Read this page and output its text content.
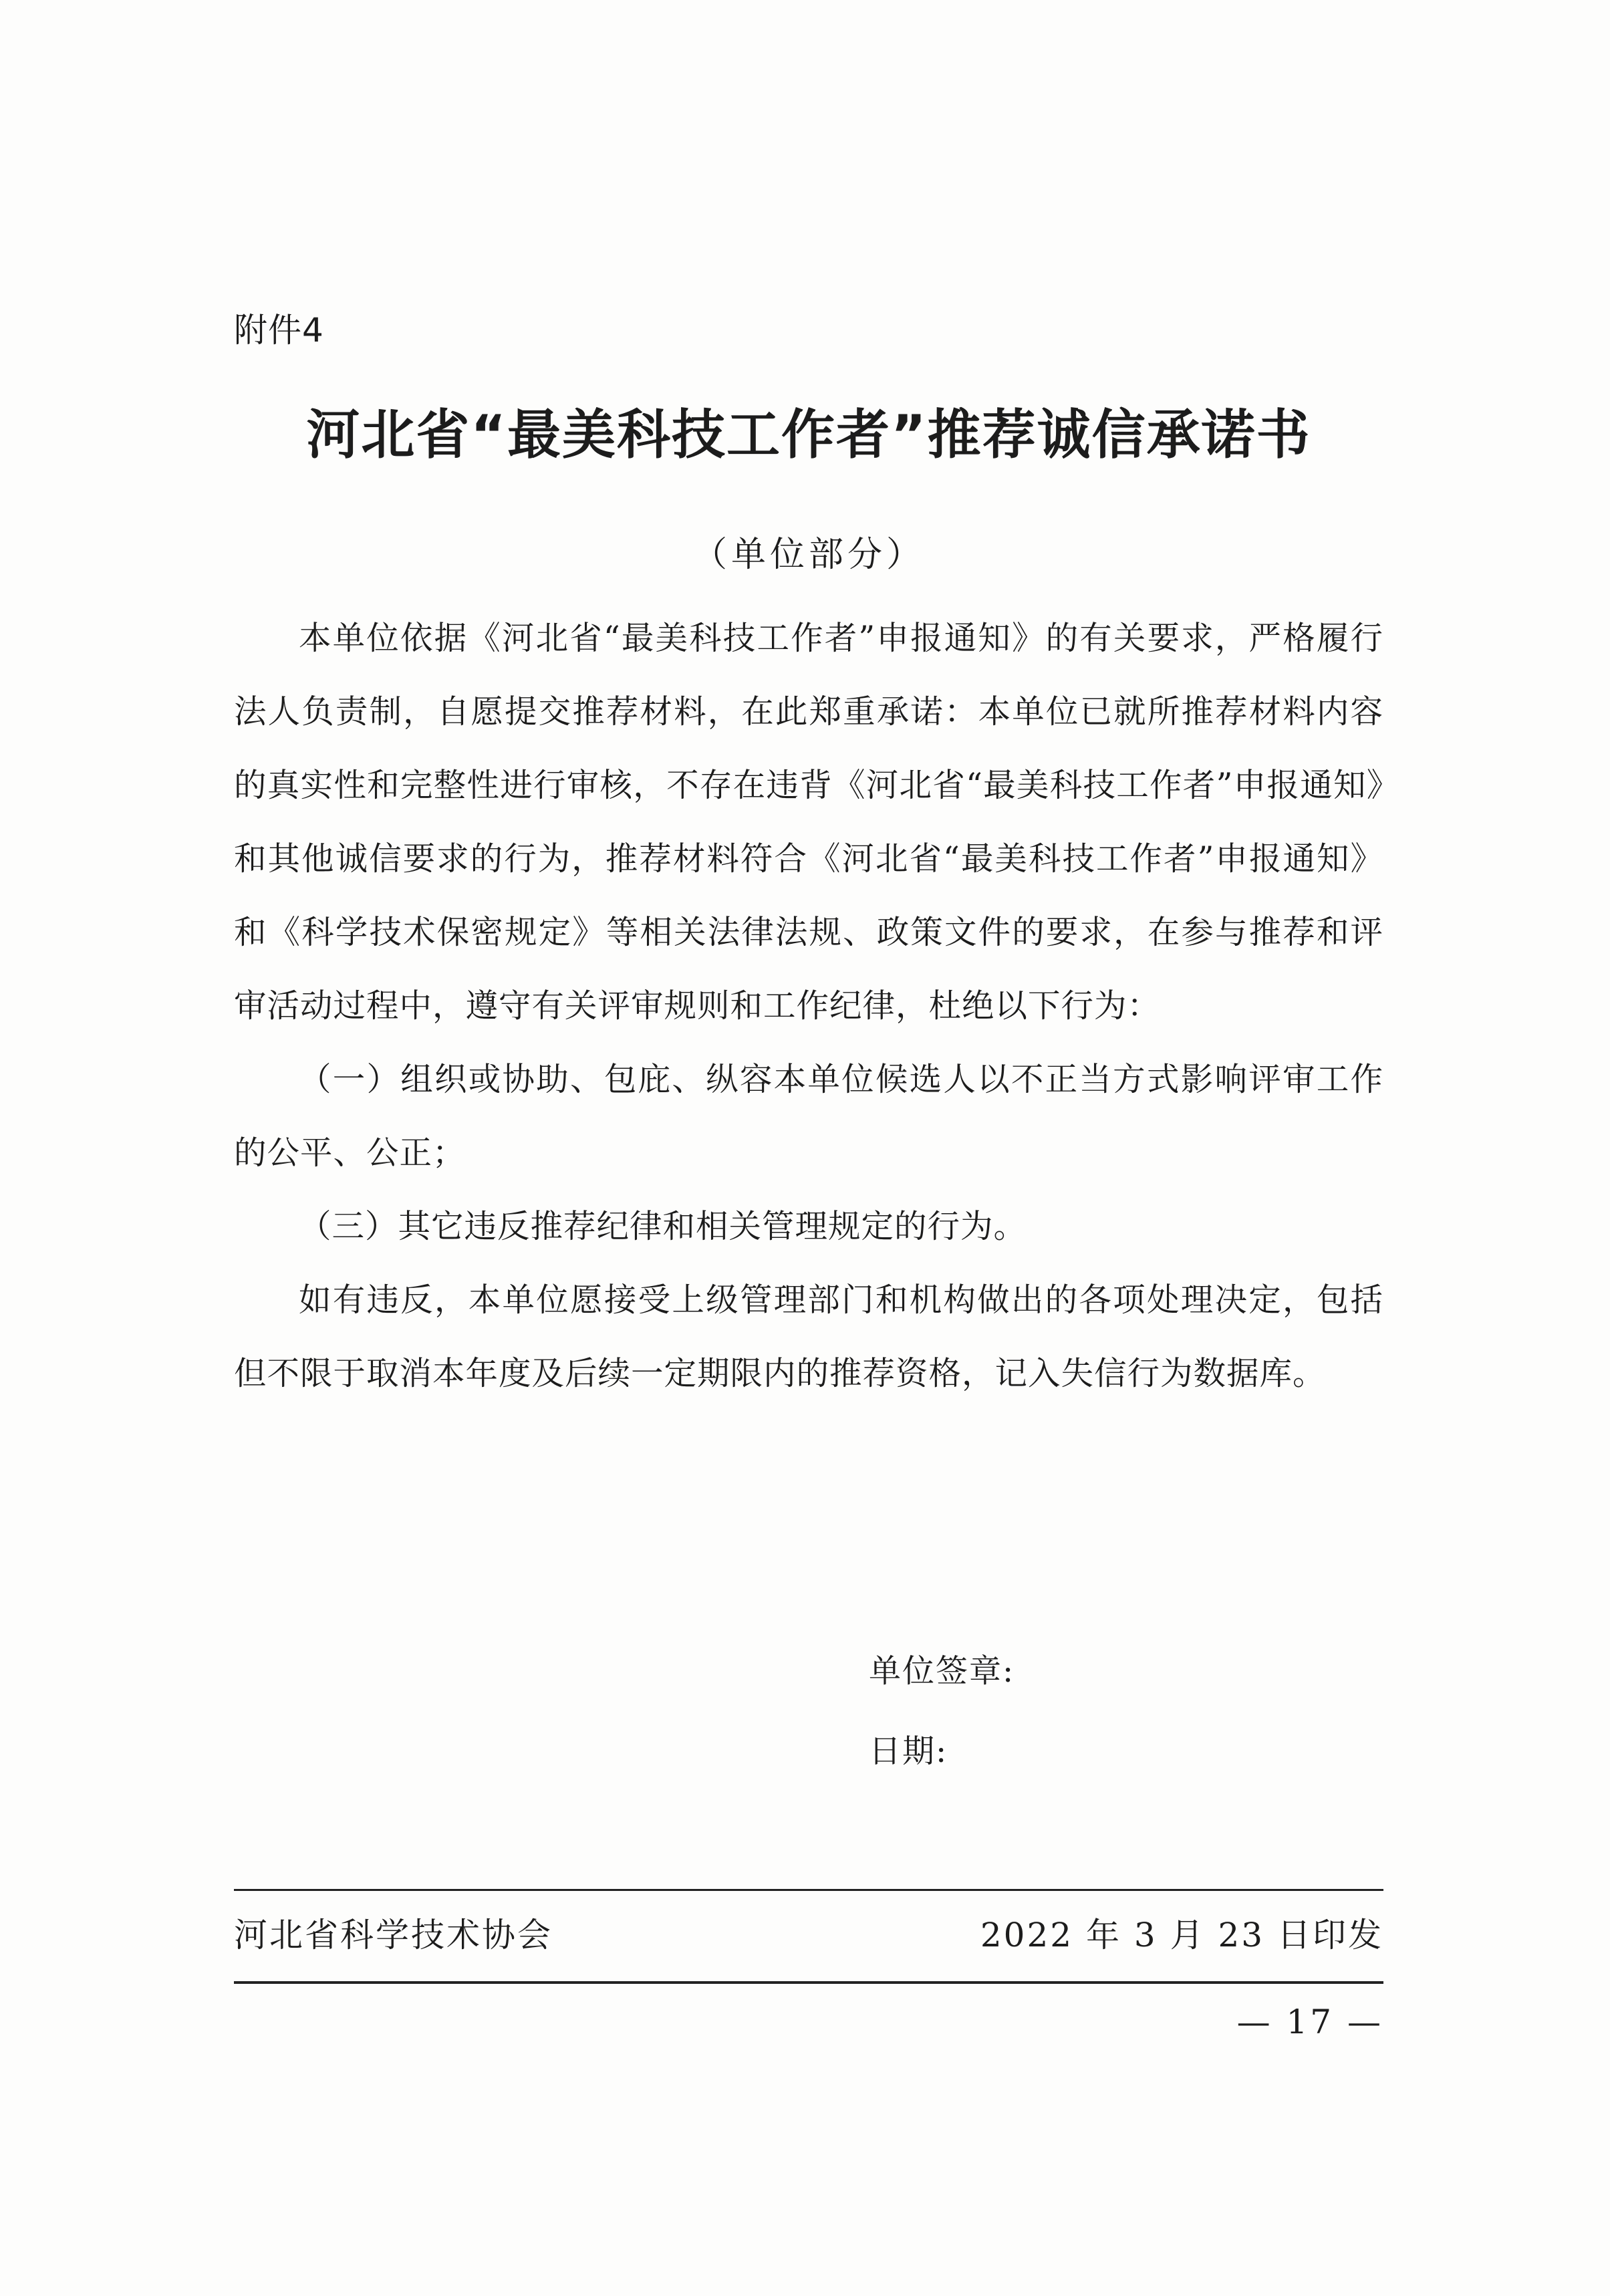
附件4
河北省“最美科技工作者”推荐诚信承诺书
（单位部分）

本单位依据《河北省“最美科技工作者”申报通知》的有关要求，严格履行法人负责制，自愿提交推荐材料，在此郑重承诺：本单位已就所推荐材料内容的真实性和完整性进行审核，不存在违背《河北省“最美科技工作者”申报通知》和其他诚信要求的行为，推荐材料符合《河北省“最美科技工作者”申报通知》和《科学技术保密规定》等相关法律法规、政策文件的要求，在参与推荐和评审活动过程中，遵守有关评审规则和工作纪律，杜绝以下行为：

（一）组织或协助、包庇、纵容本单位候选人以不正当方式影响评审工作的公平、公正；

（三）其它违反推荐纪律和相关管理规定的行为。

如有违反，本单位愿接受上级管理部门和机构做出的各项处理决定，包括但不限于取消本年度及后续一定期限内的推荐资格，记入失信行为数据库。

单位签章:

日期:

河北省科学技术协会	2022 年 3 月 23 日印发
— 17 —
